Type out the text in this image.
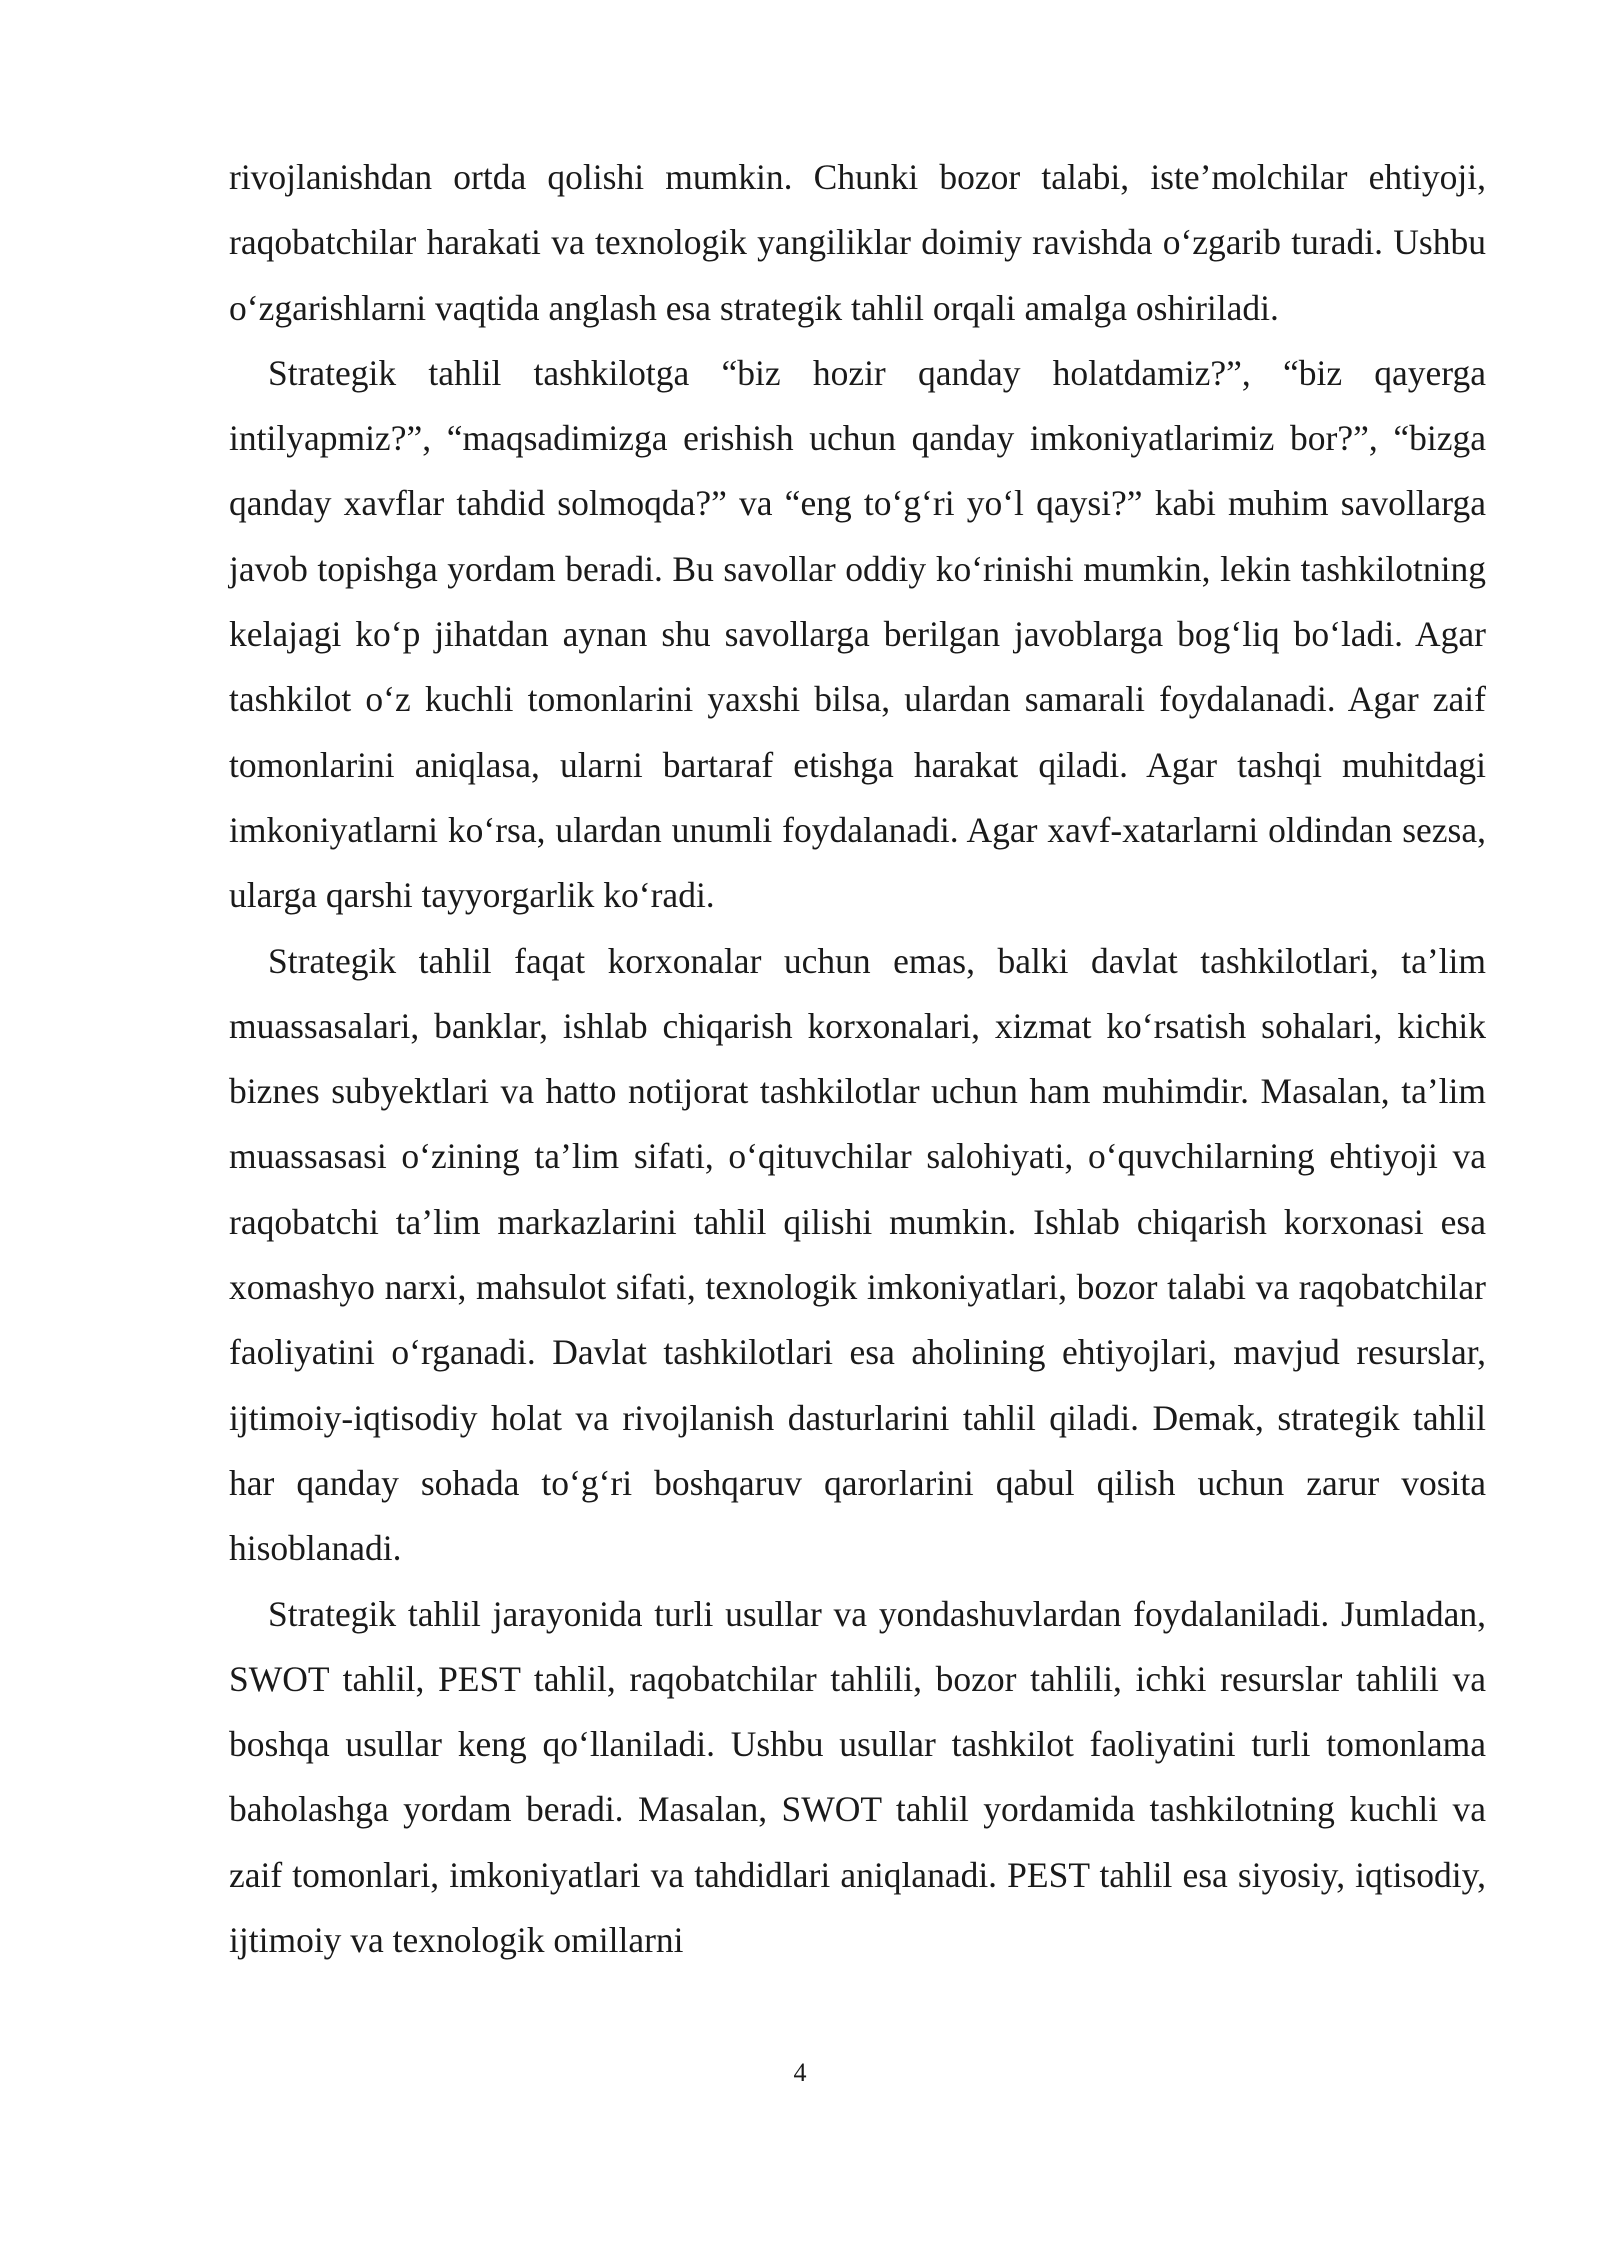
rivojlanishdan ortda qolishi mumkin. Chunki bozor talabi, iste’molchilar ehtiyoji, raqobatchilar harakati va texnologik yangiliklar doimiy ravishda o‘zgarib turadi. Ushbu o‘zgarishlarni vaqtida anglash esa strategik tahlil orqali amalga oshiriladi.

Strategik tahlil tashkilotga “biz hozir qanday holatdamiz?”, “biz qayerga intilyapmiz?”, “maqsadimizga erishish uchun qanday imkoniyatlarimiz bor?”, “bizga qanday xavflar tahdid solmoqda?” va “eng to‘g‘ri yo‘l qaysi?” kabi muhim savollarga javob topishga yordam beradi. Bu savollar oddiy ko‘rinishi mumkin, lekin tashkilotning kelajagi ko‘p jihatdan aynan shu savollarga berilgan javoblarga bog‘liq bo‘ladi. Agar tashkilot o‘z kuchli tomonlarini yaxshi bilsa, ulardan samarali foydalanadi. Agar zaif tomonlarini aniqlasa, ularni bartaraf etishga harakat qiladi. Agar tashqi muhitdagi imkoniyatlarni ko‘rsa, ulardan unumli foydalanadi. Agar xavf-xatarlarni oldindan sezsa, ularga qarshi tayyorgarlik ko‘radi.

Strategik tahlil faqat korxonalar uchun emas, balki davlat tashkilotlari, ta’lim muassasalari, banklar, ishlab chiqarish korxonalari, xizmat ko‘rsatish sohalari, kichik biznes subyektlari va hatto notijorat tashkilotlar uchun ham muhimdir. Masalan, ta’lim muassasasi o‘zining ta’lim sifati, o‘qituvchilar salohiyati, o‘quvchilarning ehtiyoji va raqobatchi ta’lim markazlarini tahlil qilishi mumkin. Ishlab chiqarish korxonasi esa xomashyo narxi, mahsulot sifati, texnologik imkoniyatlari, bozor talabi va raqobatchilar faoliyatini o‘rganadi. Davlat tashkilotlari esa aholining ehtiyojlari, mavjud resurslar, ijtimoiy-iqtisodiy holat va rivojlanish dasturlarini tahlil qiladi. Demak, strategik tahlil har qanday sohada to‘g‘ri boshqaruv qarorlarini qabul qilish uchun zarur vosita hisoblanadi.

Strategik tahlil jarayonida turli usullar va yondashuvlardan foydalaniladi. Jumladan, SWOT tahlil, PEST tahlil, raqobatchilar tahlili, bozor tahlili, ichki resurslar tahlili va boshqa usullar keng qo‘llaniladi. Ushbu usullar tashkilot faoliyatini turli tomonlama baholashga yordam beradi. Masalan, SWOT tahlil yordamida tashkilotning kuchli va zaif tomonlari, imkoniyatlari va tahdidlari aniqlanadi. PEST tahlil esa siyosiy, iqtisodiy, ijtimoiy va texnologik omillarni

4
